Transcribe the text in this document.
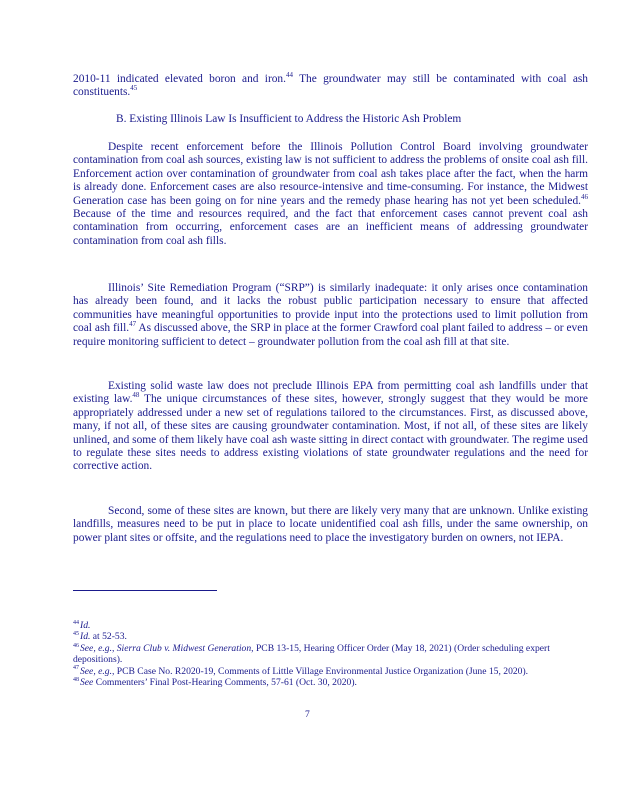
2010-11 indicated elevated boron and iron.$^{44}$ The groundwater may still be contaminated with coal ash constituents.$^{45}$

B. Existing Illinois Law Is Insufficient to Address the Historic Ash Problem

Despite recent enforcement before the Illinois Pollution Control Board involving groundwater contamination from coal ash sources, existing law is not sufficient to address the problems of onsite coal ash fill. Enforcement action over contamination of groundwater from coal ash takes place after the fact, when the harm is already done. Enforcement cases are also resource-intensive and time-consuming. For instance, the Midwest Generation case has been going on for nine years and the remedy phase hearing has not yet been scheduled.$^{46}$ Because of the time and resources required, and the fact that enforcement cases cannot prevent coal ash contamination from occurring, enforcement cases are an inefficient means of addressing groundwater contamination from coal ash fills.

Illinois’ Site Remediation Program (“SRP”) is similarly inadequate: it only arises once contamination has already been found, and it lacks the robust public participation necessary to ensure that affected communities have meaningful opportunities to provide input into the protections used to limit pollution from coal ash fill.$^{47}$ As discussed above, the SRP in place at the former Crawford coal plant failed to address – or even require monitoring sufficient to detect – groundwater pollution from the coal ash fill at that site.

Existing solid waste law does not preclude Illinois EPA from permitting coal ash landfills under that existing law.$^{48}$ The unique circumstances of these sites, however, strongly suggest that they would be more appropriately addressed under a new set of regulations tailored to the circumstances. First, as discussed above, many, if not all, of these sites are causing groundwater contamination. Most, if not all, of these sites are likely unlined, and some of them likely have coal ash waste sitting in direct contact with groundwater. The regime used to regulate these sites needs to address existing violations of state groundwater regulations and the need for corrective action.

Second, some of these sites are known, but there are likely very many that are unknown. Unlike existing landfills, measures need to be put in place to locate unidentified coal ash fills, under the same ownership, on power plant sites or offsite, and the regulations need to place the investigatory burden on owners, not IEPA.

$^{44}$Id.
$^{45}$Id. at 52-53.
$^{46}$See, e.g., Sierra Club v. Midwest Generation, PCB 13-15, Hearing Officer Order (May 18, 2021) (Order scheduling expert depositions).
$^{47}$See, e.g., PCB Case No. R2020-19, Comments of Little Village Environmental Justice Organization (June 15, 2020).
$^{48}$See Commenters’ Final Post-Hearing Comments, 57-61 (Oct. 30, 2020).
7
